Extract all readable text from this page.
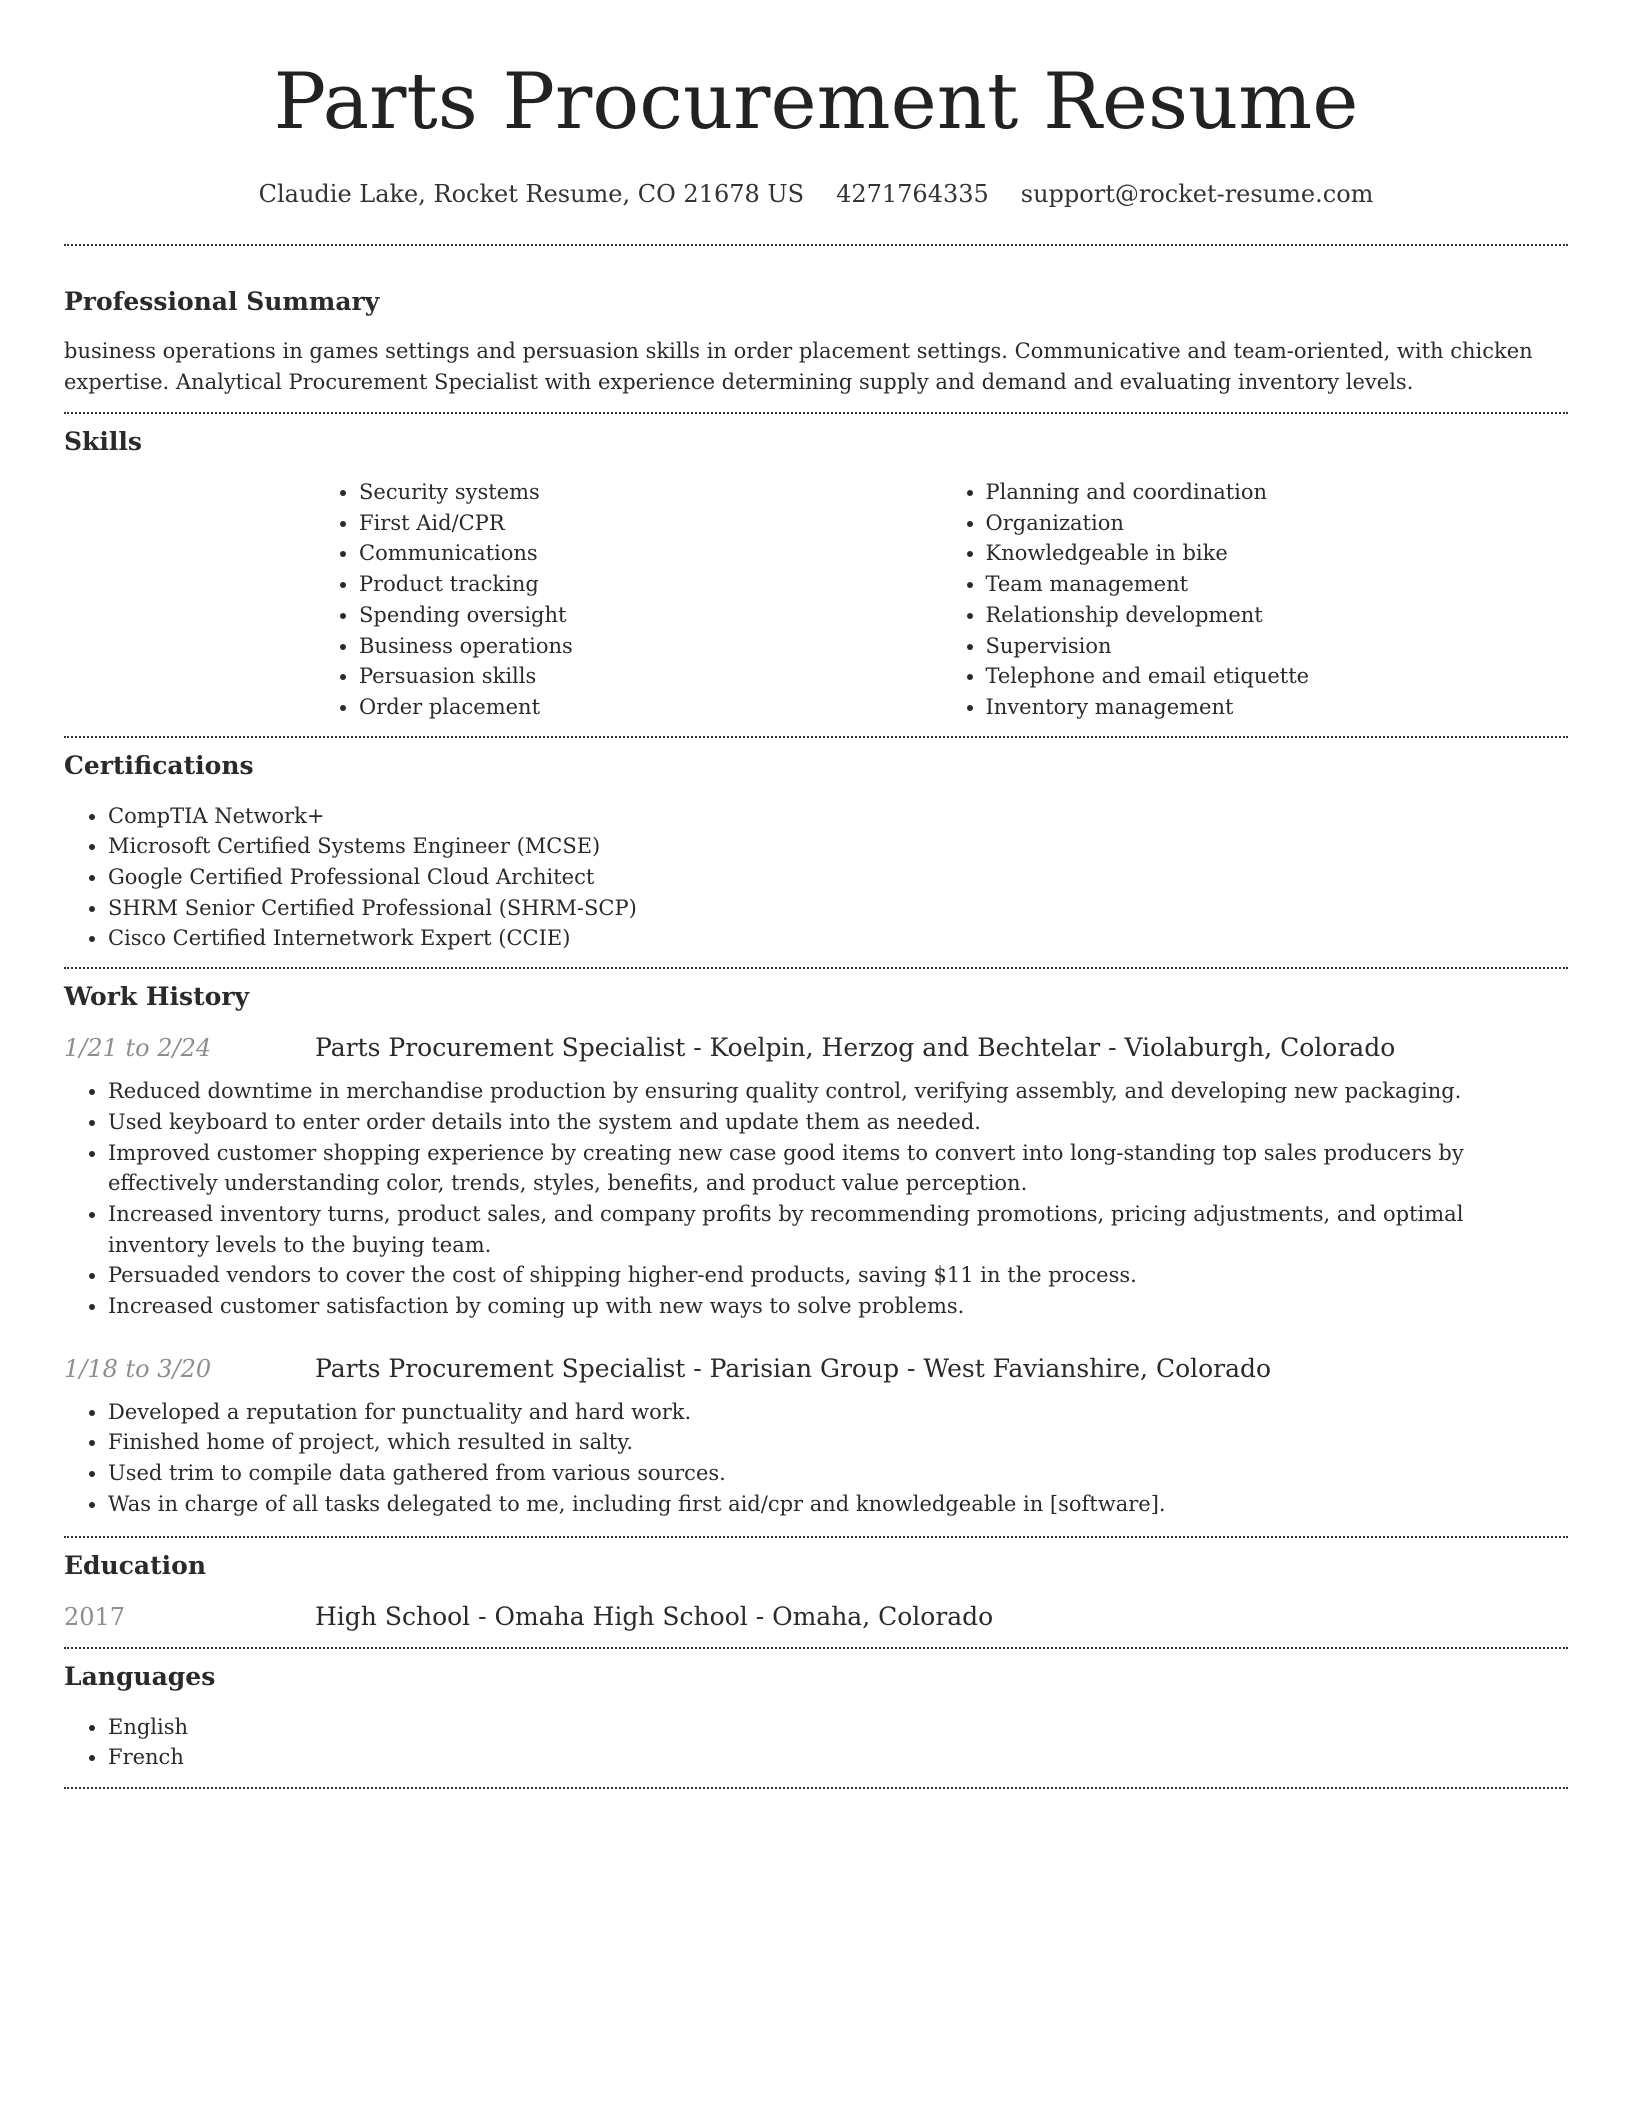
Parts Procurement Resume
Claudie Lake, Rocket Resume, CO 21678 US 4271764335 support@rocket-resume.com
Professional Summary

business operations in games settings and persuasion skills in order placement settings. Communicative and team-oriented, with chicken expertise. Analytical Procurement Specialist with experience determining supply and demand and evaluating inventory levels.

Skills
• Security systems
• First Aid/CPR
• Communications
• Product tracking
• Spending oversight
• Business operations
• Persuasion skills
• Order placement
• Planning and coordination
• Organization
• Knowledgeable in bike
• Team management
• Relationship development
• Supervision
• Telephone and email etiquette
• Inventory management
Certifications
• CompTIA Network+
• Microsoft Certified Systems Engineer (MCSE)
• Google Certified Professional Cloud Architect
• SHRM Senior Certified Professional (SHRM-SCP)
• Cisco Certified Internetwork Expert (CCIE)
Work History
1/21 to 2/24	Parts Procurement Specialist - Koelpin, Herzog and Bechtelar - Violaburgh, Colorado
• Reduced downtime in merchandise production by ensuring quality control, verifying assembly, and developing new packaging.
• Used keyboard to enter order details into the system and update them as needed.
• Improved customer shopping experience by creating new case good items to convert into long-standing top sales producers by effectively understanding color, trends, styles, benefits, and product value perception.
• Increased inventory turns, product sales, and company profits by recommending promotions, pricing adjustments, and optimal inventory levels to the buying team.
• Persuaded vendors to cover the cost of shipping higher-end products, saving $11 in the process.
• Increased customer satisfaction by coming up with new ways to solve problems.
1/18 to 3/20	Parts Procurement Specialist - Parisian Group - West Favianshire, Colorado
• Developed a reputation for punctuality and hard work.
• Finished home of project, which resulted in salty.
• Used trim to compile data gathered from various sources.
• Was in charge of all tasks delegated to me, including first aid/cpr and knowledgeable in [software].
Education
2017	High School - Omaha High School - Omaha, Colorado
Languages
• English
• French
